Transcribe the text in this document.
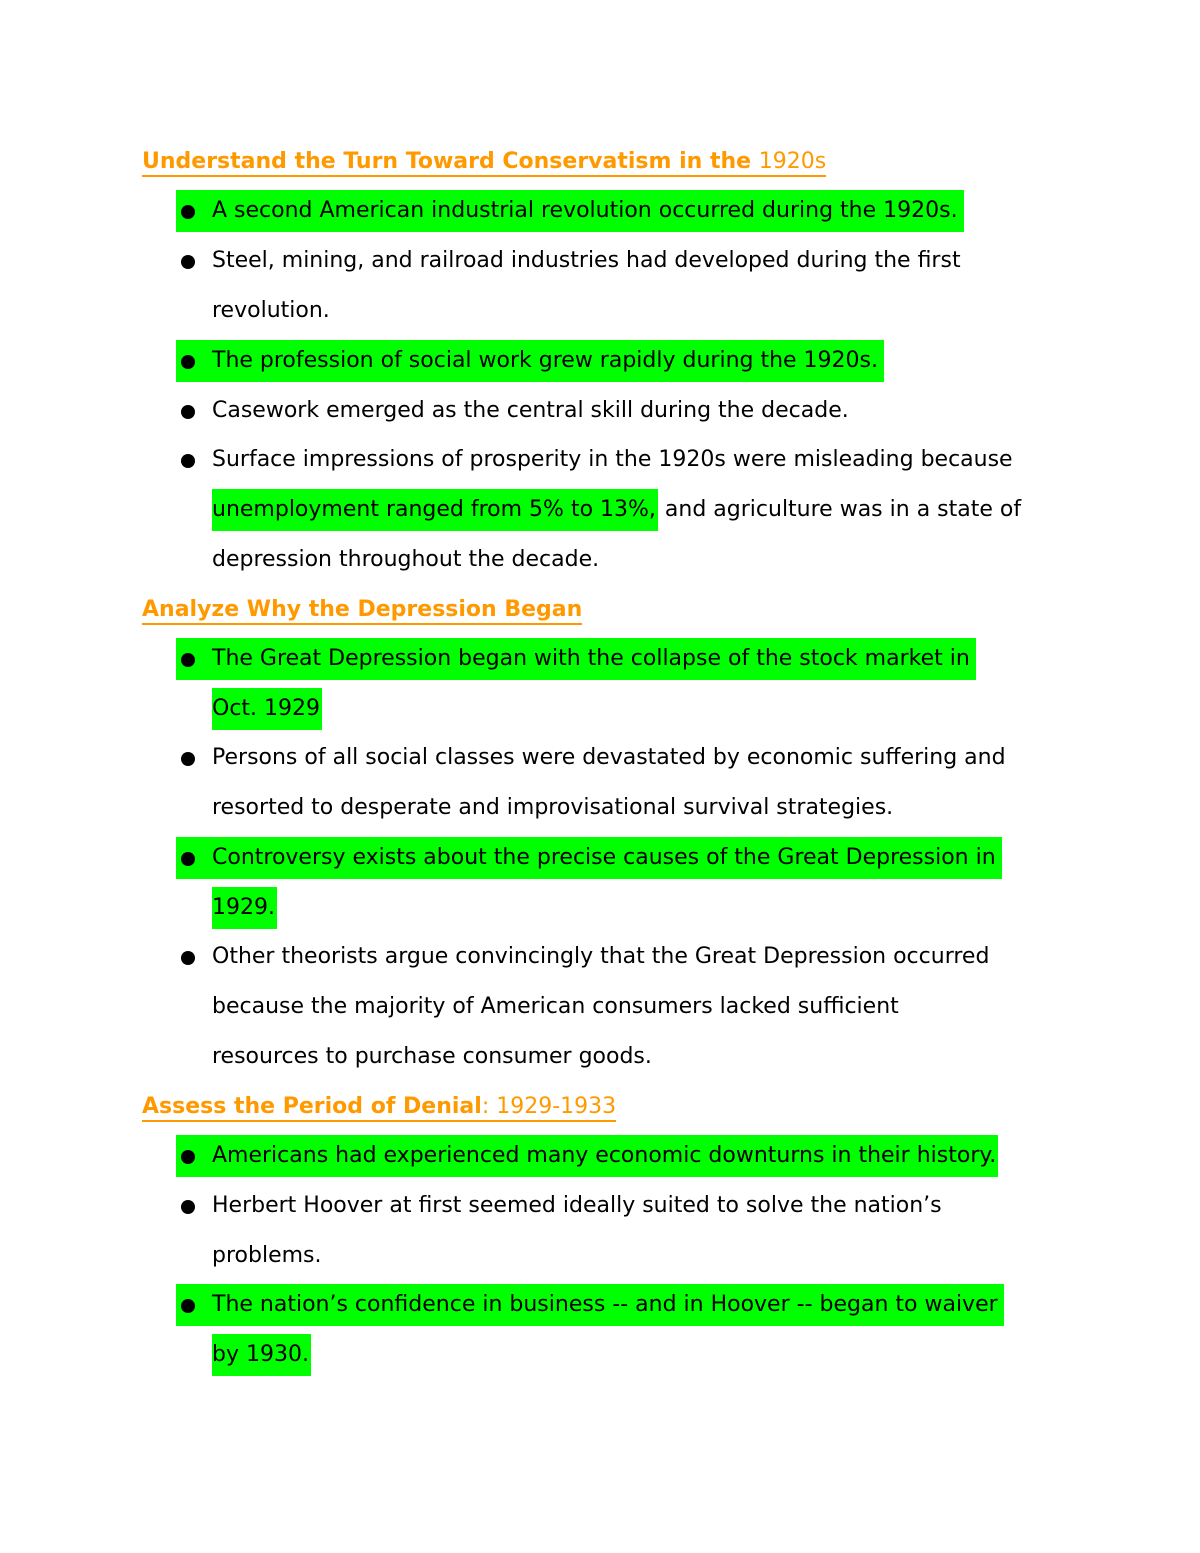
Understand the Turn Toward Conservatism in the 1920s
A second American industrial revolution occurred during the 1920s.
Steel, mining, and railroad industries had developed during the first
revolution.
The profession of social work grew rapidly during the 1920s.
Casework emerged as the central skill during the decade.
Surface impressions of prosperity in the 1920s were misleading because
unemployment ranged from 5% to 13%, and agriculture was in a state of
depression throughout the decade.
Analyze Why the Depression Began
The Great Depression began with the collapse of the stock market in
Oct. 1929
Persons of all social classes were devastated by economic suffering and
resorted to desperate and improvisational survival strategies.
Controversy exists about the precise causes of the Great Depression in
1929.
Other theorists argue convincingly that the Great Depression occurred
because the majority of American consumers lacked sufficient
resources to purchase consumer goods.
Assess the Period of Denial: 1929-1933
Americans had experienced many economic downturns in their history.
Herbert Hoover at first seemed ideally suited to solve the nation’s
problems.
The nation’s confidence in business -- and in Hoover -- began to waiver
by 1930.
